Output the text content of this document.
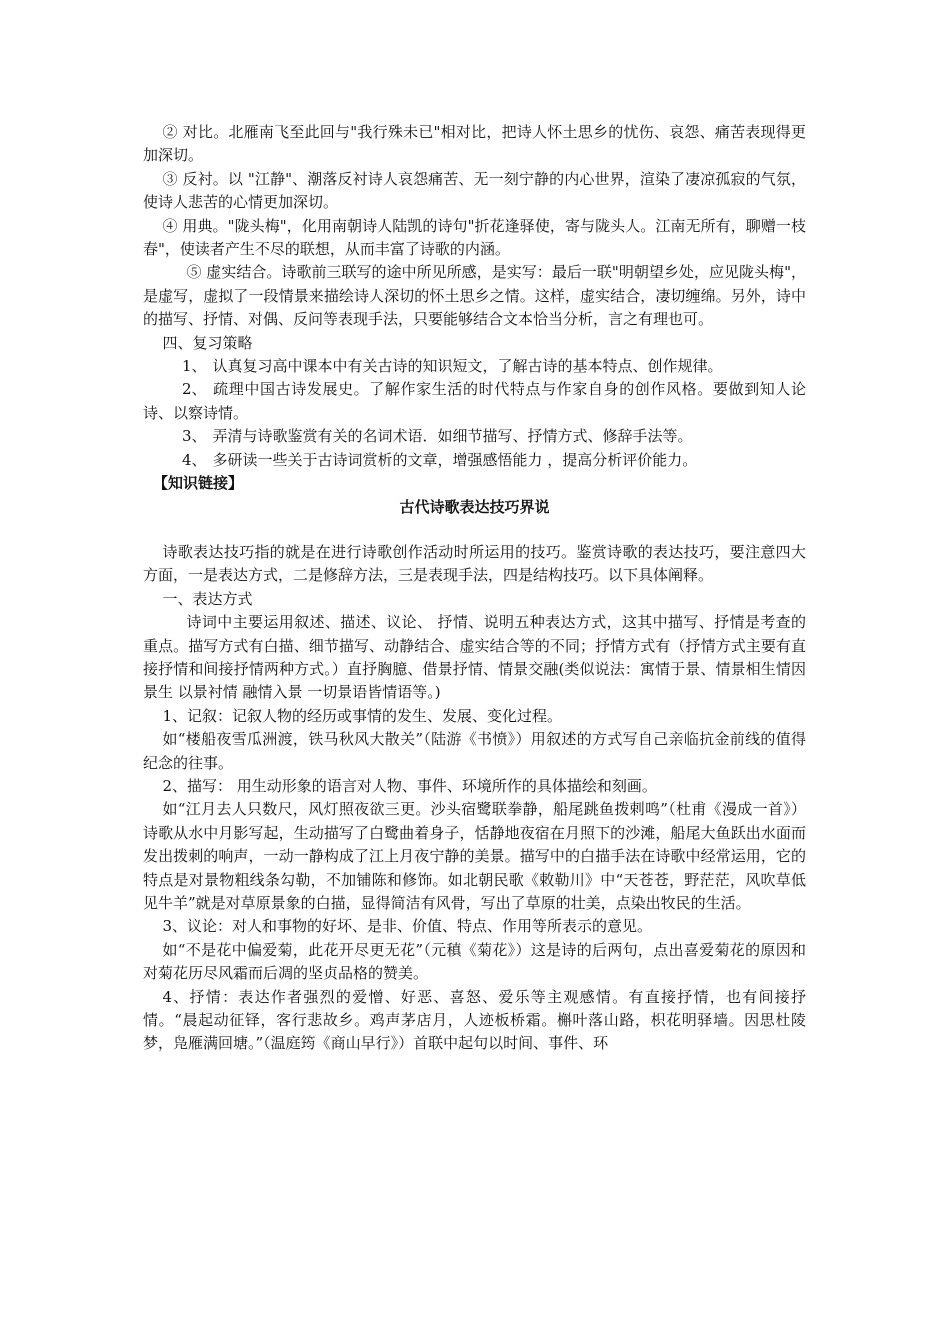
② 对比。北雁南飞至此回与"我行殊未已"相对比，把诗人怀土思乡的忧伤、哀怨、痛苦表现得更加深切。

③ 反衬。以 "江静"、潮落反衬诗人哀怨痛苦、无一刻宁静的内心世界，渲染了凄凉孤寂的气氛，使诗人悲苦的心情更加深切。

④ 用典。"陇头梅"，化用南朝诗人陆凯的诗句"折花逢驿使，寄与陇头人。江南无所有，聊赠一枝春"，使读者产生不尽的联想，从而丰富了诗歌的内涵。

⑤ 虚实结合。诗歌前三联写的途中所见所感，是实写：最后一联"明朝望乡处，应见陇头梅"，是虚写，虚拟了一段情景来描绘诗人深切的怀土思乡之情。这样，虚实结合，凄切缠绵。另外，诗中的描写、抒情、对偶、反问等表现手法，只要能够结合文本恰当分析，言之有理也可。

四、复习策略

1、 认真复习高中课本中有关古诗的知识短文，了解古诗的基本特点、创作规律。

2、 疏理中国古诗发展史。了解作家生活的时代特点与作家自身的创作风格。要做到知人论诗、以察诗情。

3、 弄清与诗歌鉴赏有关的名词术语．如细节描写、抒情方式、修辞手法等。

4、 多研读一些关于古诗词赏析的文章，增强感悟能力 ，提高分析评价能力。

【知识链接】

古代诗歌表达技巧界说

诗歌表达技巧指的就是在进行诗歌创作活动时所运用的技巧。鉴赏诗歌的表达技巧，要注意四大方面，一是表达方式，二是修辞方法，三是表现手法，四是结构技巧。以下具体阐释。

一、表达方式

诗词中主要运用叙述、描述、议论、 抒情、说明五种表达方式，这其中描写、抒情是考查的重点。描写方式有白描、细节描写、动静结合、虚实结合等的不同；抒情方式有（抒情方式主要有直接抒情和间接抒情两种方式。）直抒胸臆、借景抒情、情景交融(类似说法：寓情于景、情景相生情因景生 以景衬情 融情入景 一切景语皆情语等。)

1、记叙：记叙人物的经历或事情的发生、发展、变化过程。

如“楼船夜雪瓜洲渡，铁马秋风大散关”（陆游《书愤》）用叙述的方式写自己亲临抗金前线的值得纪念的往事。

2、描写： 用生动形象的语言对人物、事件、环境所作的具体描绘和刻画。

如“江月去人只数尺，风灯照夜欲三更。沙头宿鹭联拳静，船尾跳鱼拨剌鸣”（杜甫《漫成一首》）诗歌从水中月影写起，生动描写了白鹭曲着身子，恬静地夜宿在月照下的沙滩，船尾大鱼跃出水面而发出拨刺的响声，一动一静构成了江上月夜宁静的美景。描写中的白描手法在诗歌中经常运用，它的特点是对景物粗线条勾勒，不加铺陈和修饰。如北朝民歌《敕勒川》中“天苍苍，野茫茫，风吹草低见牛羊”就是对草原景象的白描，显得简洁有风骨，写出了草原的壮美，点染出牧民的生活。

3、议论：对人和事物的好坏、是非、价值、特点、作用等所表示的意见。

如“不是花中偏爱菊，此花开尽更无花”（元稹《菊花》）这是诗的后两句，点出喜爱菊花的原因和对菊花历尽风霜而后凋的坚贞品格的赞美。

4、抒情：表达作者强烈的爱憎、好恶、喜怒、爱乐等主观感情。有直接抒情，也有间接抒情。“晨起动征铎，客行悲故乡。鸡声茅店月，人迹板桥霜。槲叶落山路，枳花明驿墙。因思杜陵梦，凫雁满回塘。”（温庭筠《商山早行》）首联中起句以时间、事件、环
